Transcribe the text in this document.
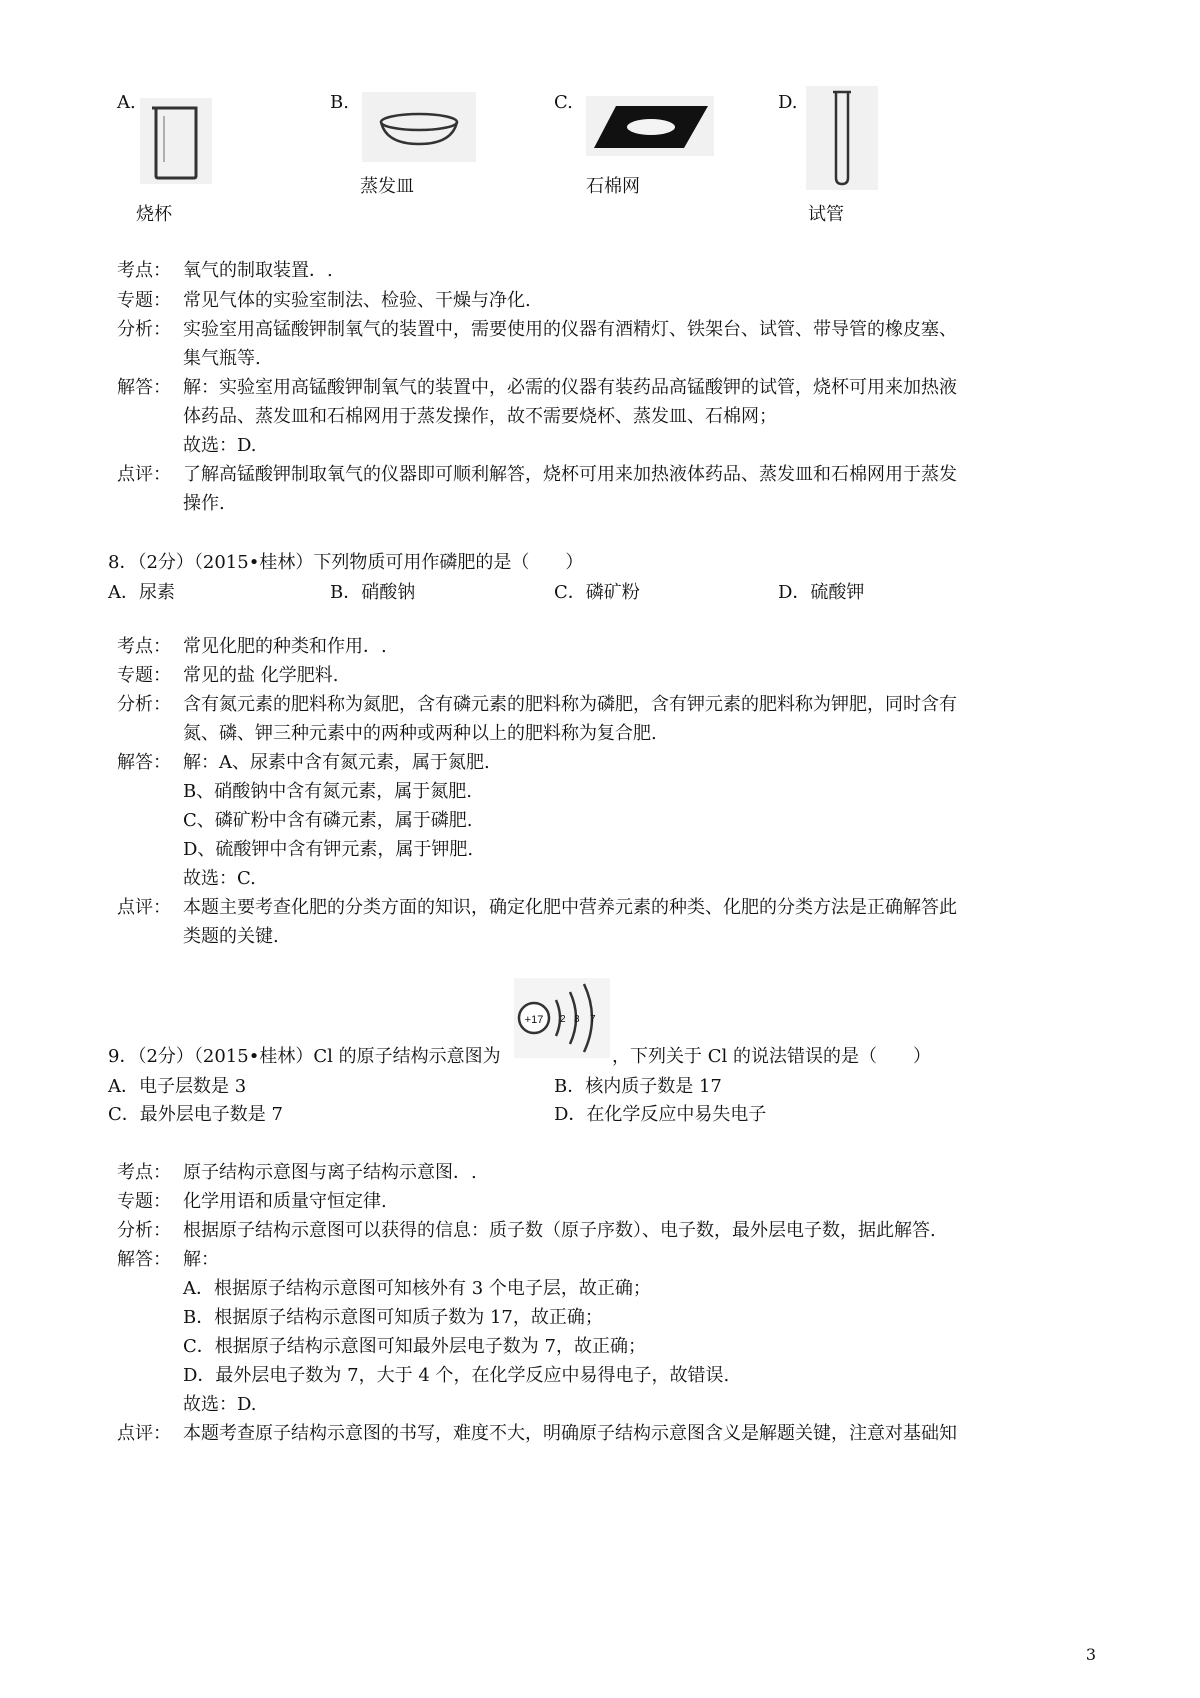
A.
烧杯
B.
蒸发皿
C.
石棉网
D.
试管
考点： 氧气的制取装置．.
专题： 常见气体的实验室制法、检验、干燥与净化.
分析： 实验室用高锰酸钾制氧气的装置中，需要使用的仪器有酒精灯、铁架台、试管、带导管的橡皮塞、
集气瓶等.
解答： 解：实验室用高锰酸钾制氧气的装置中，必需的仪器有装药品高锰酸钾的试管，烧杯可用来加热液
体药品、蒸发皿和石棉网用于蒸发操作，故不需要烧杯、蒸发皿、石棉网；
故选：D.
点评： 了解高锰酸钾制取氧气的仪器即可顺利解答，烧杯可用来加热液体药品、蒸发皿和石棉网用于蒸发
操作.
8．（2分）（2015•桂林）下列物质可用作磷肥的是（　　）
A．尿素	B．硝酸钠	C．磷矿粉	D．硫酸钾
考点： 常见化肥的种类和作用．.
专题： 常见的盐 化学肥料.
分析： 含有氮元素的肥料称为氮肥，含有磷元素的肥料称为磷肥，含有钾元素的肥料称为钾肥，同时含有
氮、磷、钾三种元素中的两种或两种以上的肥料称为复合肥.
解答： 解：A、尿素中含有氮元素，属于氮肥.
B、硝酸钠中含有氮元素，属于氮肥.
C、磷矿粉中含有磷元素，属于磷肥.
D、硫酸钾中含有钾元素，属于钾肥.
故选：C.
点评： 本题主要考查化肥的分类方面的知识，确定化肥中营养元素的种类、化肥的分类方法是正确解答此
类题的关键.
+17 2 8 7
9．（2分）（2015•桂林）Cl 的原子结构示意图为	，下列关于 Cl 的说法错误的是（　　）
A．电子层数是 3	B．核内质子数是 17
C．最外层电子数是 7	D．在化学反应中易失电子
考点： 原子结构示意图与离子结构示意图．.
专题： 化学用语和质量守恒定律.
分析： 根据原子结构示意图可以获得的信息：质子数（原子序数）、电子数，最外层电子数，据此解答.
解答： 解：
A．根据原子结构示意图可知核外有 3 个电子层，故正确；
B．根据原子结构示意图可知质子数为 17，故正确；
C．根据原子结构示意图可知最外层电子数为 7，故正确；
D．最外层电子数为 7，大于 4 个，在化学反应中易得电子，故错误.
故选：D.
点评： 本题考查原子结构示意图的书写，难度不大，明确原子结构示意图含义是解题关键，注意对基础知
3
